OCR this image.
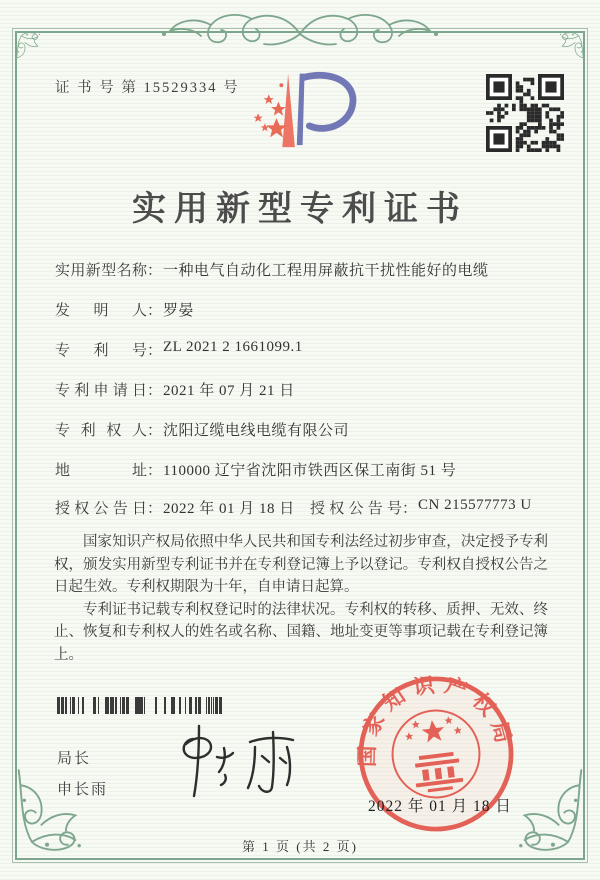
证 书 号 第 15529334 号
实用新型专利证书
实用新型名称 ： 一种电气自动化工程用屏蔽抗干扰性能好的电缆
发明人 ： 罗晏
专利号 ： ZL 2021 2 1661099.1
专利申请日 ： 2021 年 07 月 21 日
专利权人 ： 沈阳辽缆电线电缆有限公司
地址 ： 110000 辽宁省沈阳市铁西区保工南街 51 号
授权公告日 ： 2022 年 01 月 18 日 授权公告号 ： CN 215577773 U

国家知识产权局依照中华人民共和国专利法经过初步审查，决定授予专利权，颁发实用新型专利证书并在专利登记簿上予以登记。专利权自授权公告之日起生效。专利权期限为十年，自申请日起算。

专利证书记载专利权登记时的法律状况。专利权的转移、质押、无效、终止、恢复和专利权人的姓名或名称、国籍、地址变更等事项记载在专利登记簿上。

局长
申长雨
国家知识产权局
2022 年 01 月 18 日
第 1 页 (共 2 页)
